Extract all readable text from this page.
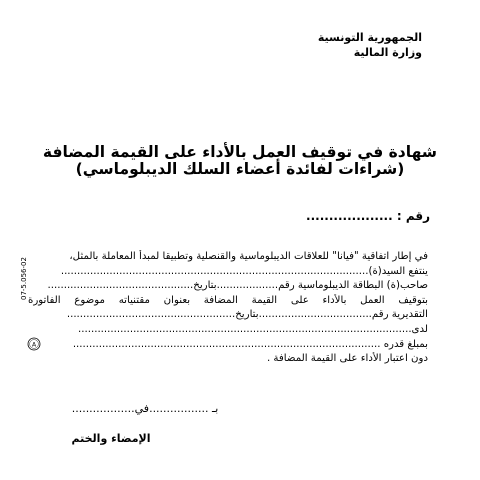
الجمهورية التونسية
وزارة المالية
شهادة في توقيف العمل بالأداء على القيمة المضافة
(شراءات لفائدة أعضاء السلك الديبلوماسي)
رقم : ...................
في إطار اتفاقية "فيانا" للعلاقات الديبلوماسية والقنصلية وتطبيقا لمبدأ المعاملة بالمثل،
ينتفع السيد(ة)...............................................................................................
صاحب(ة) البطاقة الديبلوماسية رقم...................بتاريخ.............................................
بتوقيف العمل بالأداء على القيمة المضافة بعنوان مقتنياته موضوع الفاتورة
التقديرية رقم...................................بتاريخ....................................................
لدى.......................................................................................................
بمبلغ قدره ...............................................................................................
دون اعتبار الأداء على القيمة المضافة .
بـ .................في..................
الإمضاء والختم
07-5.056-02
A
